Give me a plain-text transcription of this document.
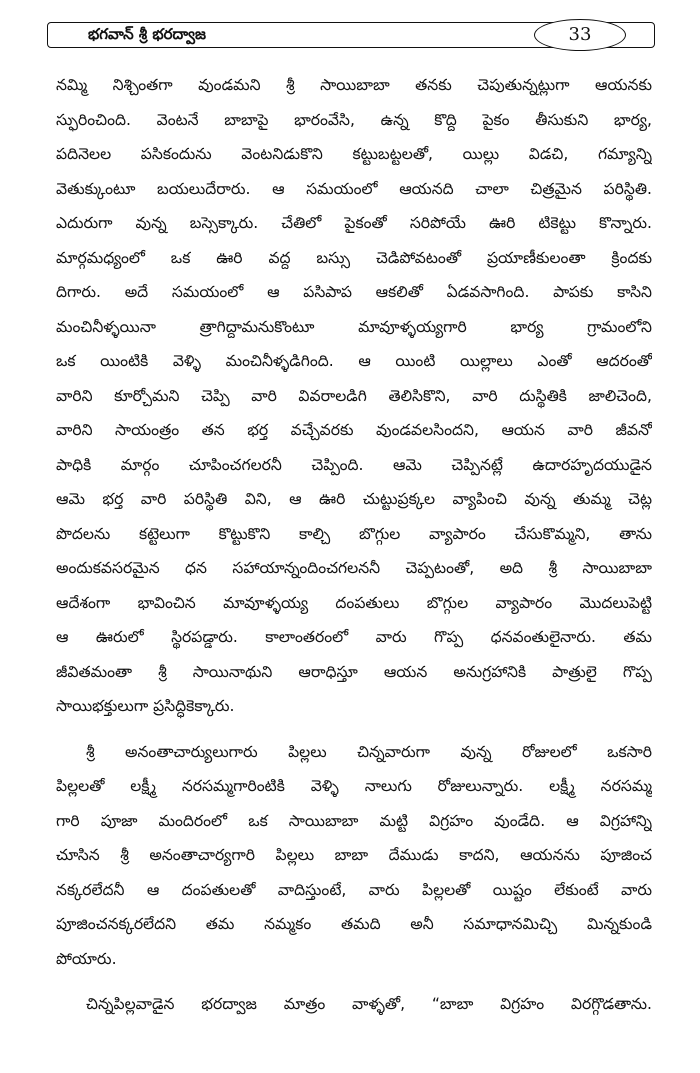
భగవాన్ శ్రీ భరద్వాజ	33
నమ్మి నిశ్చింతగా వుండమని శ్రీ సాయిబాబా తనకు చెపుతున్నట్లుగా ఆయనకు
స్ఫురించింది. వెంటనే బాబాపై భారంవేసి, ఉన్న కొద్ది పైకం తీసుకుని భార్య,
పదినెలల పసికందును వెంటనిడుకొని కట్టుబట్టలతో, యిల్లు విడచి, గమ్యాన్ని
వెతుక్కుంటూ బయలుదేరారు. ఆ సమయంలో ఆయనది చాలా చిత్రమైన పరిస్థితి.
ఎదురుగా వున్న బస్సెక్కారు. చేతిలో పైకంతో సరిపోయే ఊరి టికెట్టు కొన్నారు.
మార్గమధ్యంలో ఒక ఊరి వద్ద బస్సు చెడిపోవటంతో ప్రయాణీకులంతా క్రిందకు
దిగారు. అదే సమయంలో ఆ పసిపాప ఆకలితో ఏడవసాగింది. పాపకు కాసిని
మంచినీళ్ళయినా త్రాగిద్దామనుకొంటూ మావూళ్ళయ్యగారి భార్య గ్రామంలోని
ఒక యింటికి వెళ్ళి మంచినీళ్ళడిగింది. ఆ యింటి యిల్లాలు ఎంతో ఆదరంతో
వారిని కూర్చోమని చెప్పి వారి వివరాలడిగి తెలిసికొని, వారి దుస్థితికి జాలిచెంది,
వారిని సాయంత్రం తన భర్త వచ్చేవరకు వుండవలసిందని, ఆయన వారి జీవనో
పాధికి మార్గం చూపించగలరనీ చెప్పింది. ఆమె చెప్పినట్లే ఉదారహృదయుడైన
ఆమె భర్త వారి పరిస్థితి విని, ఆ ఊరి చుట్టుప్రక్కల వ్యాపించి వున్న తుమ్మ చెట్ల
పొదలను కట్టెలుగా కొట్టుకొని కాల్చి బొగ్గుల వ్యాపారం చేసుకొమ్మని, తాను
అందుకవసరమైన ధన సహాయాన్నందించగలననీ చెప్పటంతో, అది శ్రీ సాయిబాబా
ఆదేశంగా భావించిన మావూళ్ళయ్య దంపతులు బొగ్గుల వ్యాపారం మొదలుపెట్టి
ఆ ఊరులో స్థిరపడ్డారు. కాలాంతరంలో వారు గొప్ప ధనవంతులైనారు. తమ
జీవితమంతా శ్రీ సాయినాథుని ఆరాధిస్తూ ఆయన అనుగ్రహానికి పాత్రులై గొప్ప
సాయిభక్తులుగా ప్రసిద్ధికెక్కారు.
శ్రీ అనంతాచార్యులుగారు పిల్లలు చిన్నవారుగా వున్న రోజులలో ఒకసారి
పిల్లలతో లక్ష్మీ నరసమ్మగారింటికి వెళ్ళి నాలుగు రోజులున్నారు. లక్ష్మీ నరసమ్మ
గారి పూజా మందిరంలో ఒక సాయిబాబా మట్టి విగ్రహం వుండేది. ఆ విగ్రహాన్ని
చూసిన శ్రీ అనంతాచార్యగారి పిల్లలు బాబా దేముడు కాదని, ఆయనను పూజించ
నక్కరలేదనీ ఆ దంపతులతో వాదిస్తుంటే, వారు పిల్లలతో యిష్టం లేకుంటే వారు
పూజించనక్కరలేదని తమ నమ్మకం తమది అనీ సమాధానమిచ్చి మిన్నకుండి
పోయారు.
చిన్నపిల్లవాడైన భరద్వాజ మాత్రం వాళ్ళతో, “బాబా విగ్రహం విరగ్గొడతాను.
